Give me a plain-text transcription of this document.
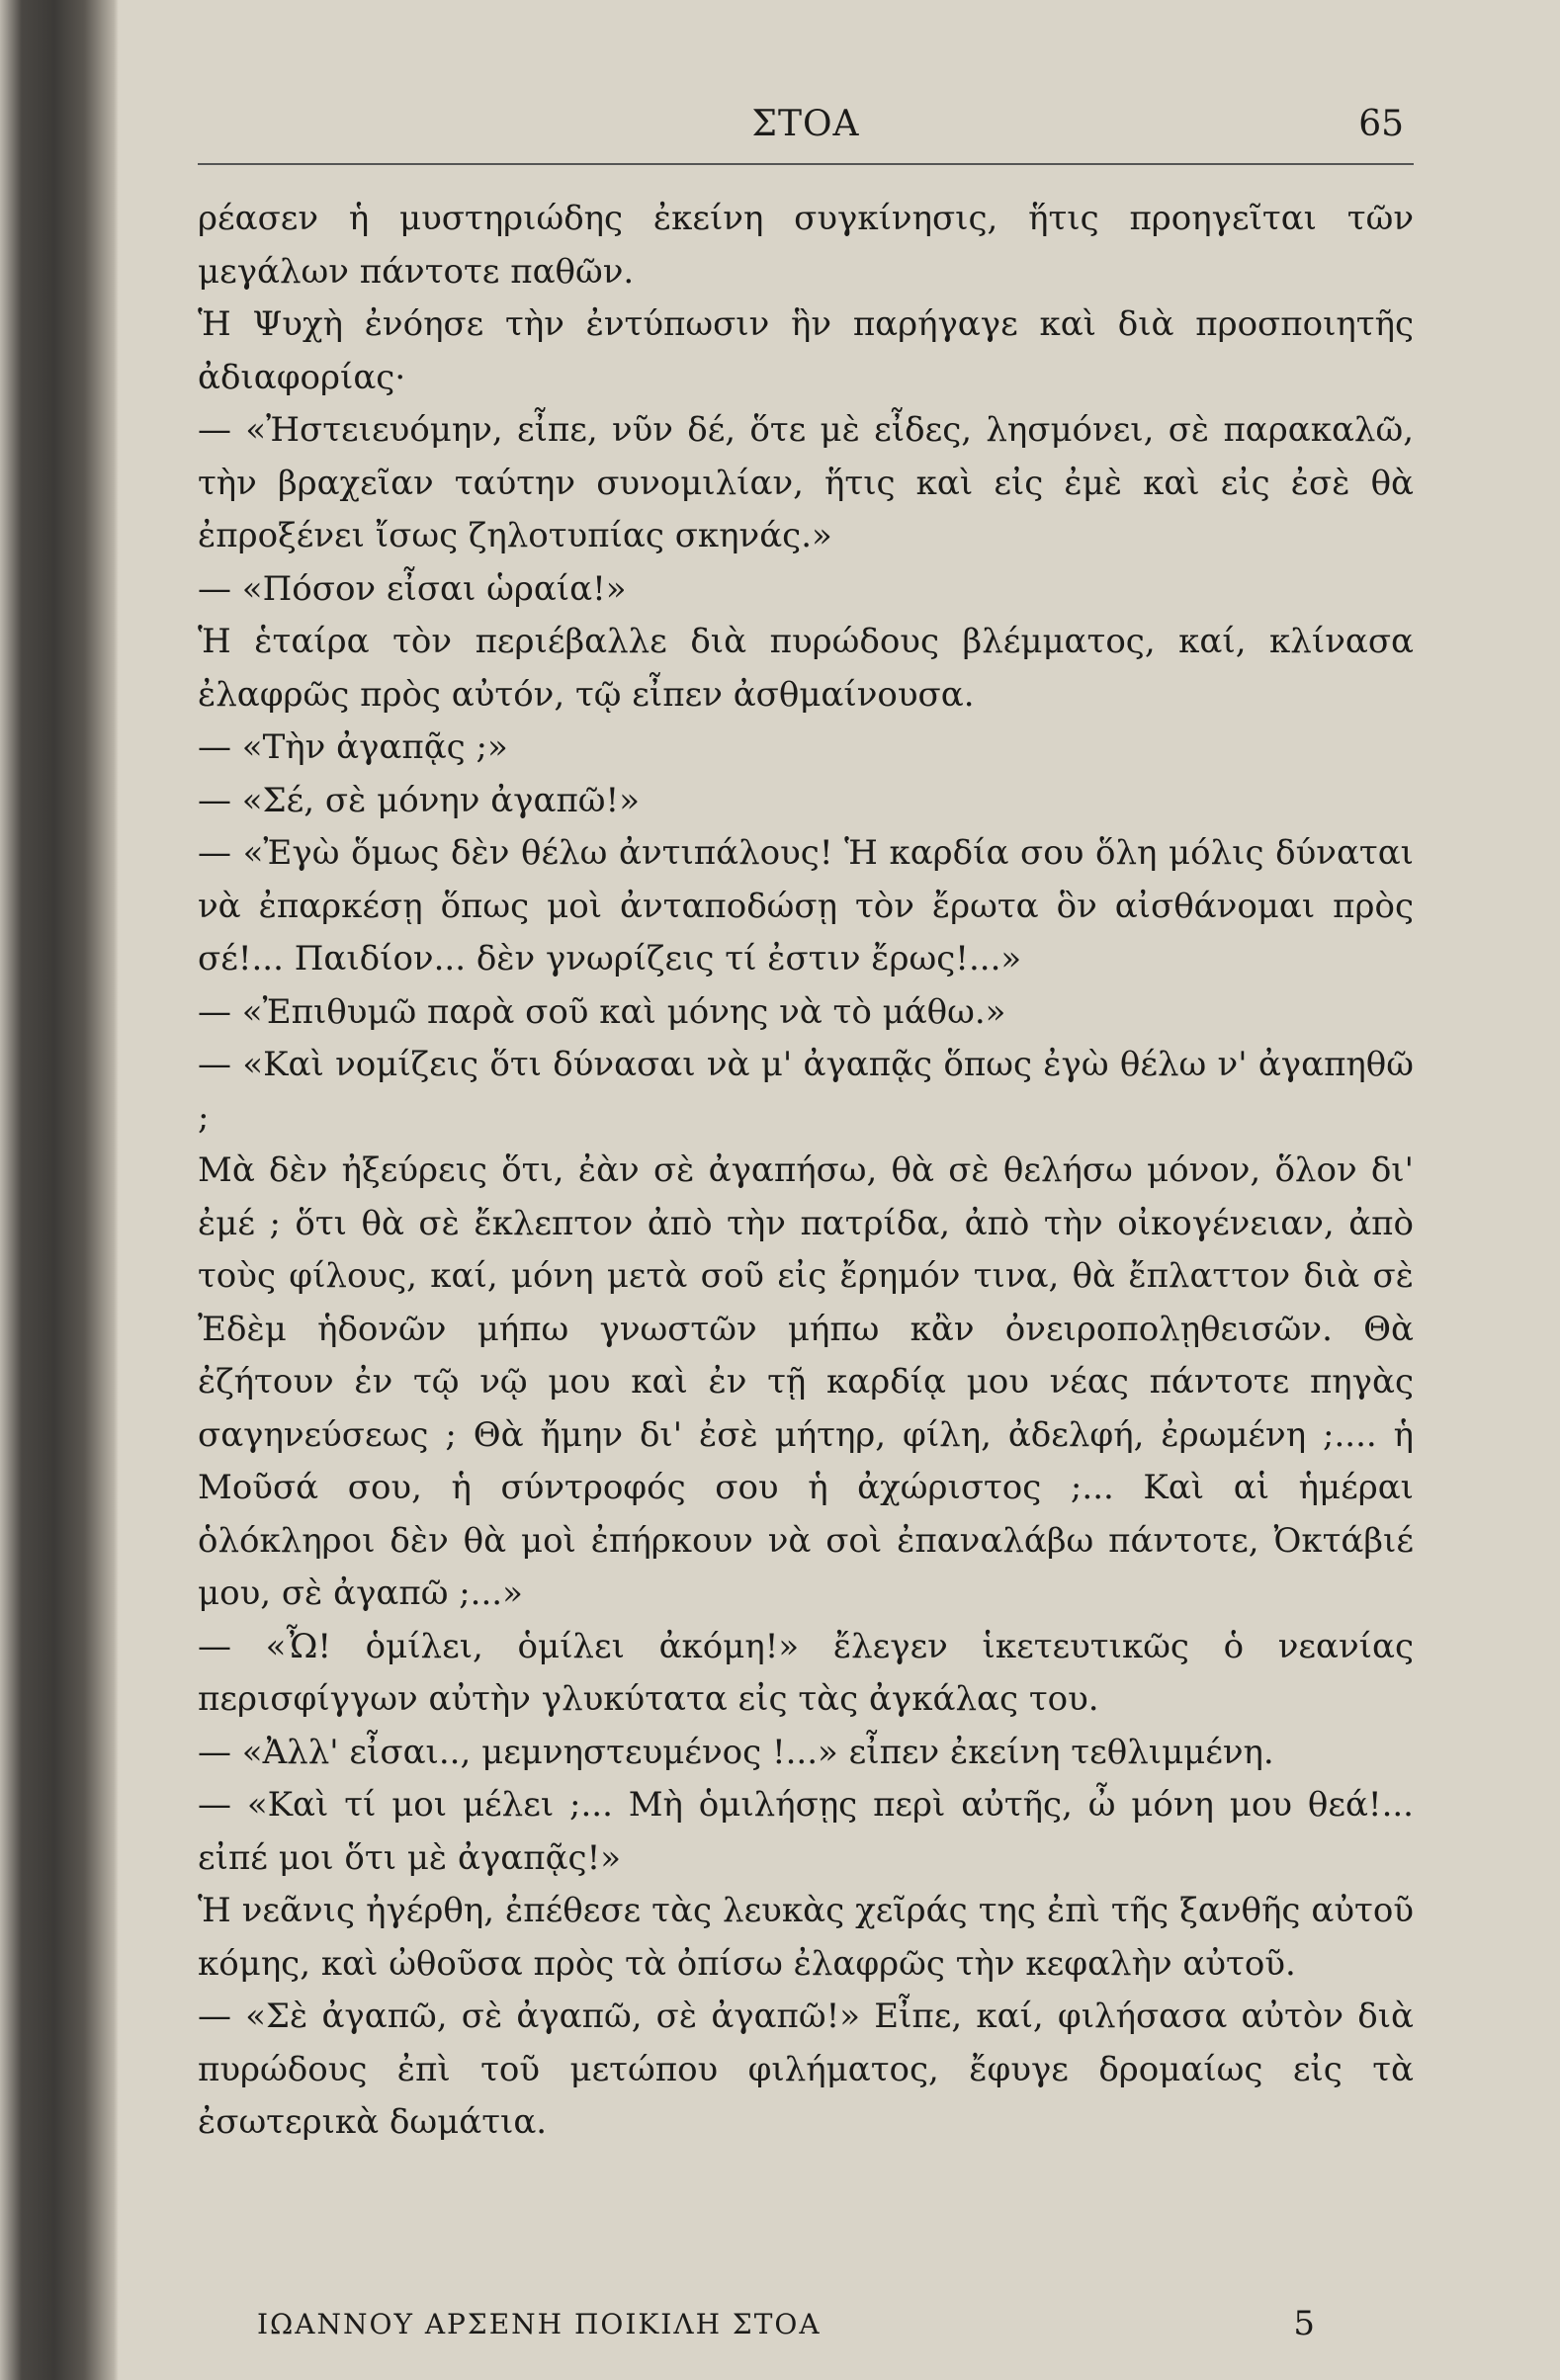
ΣΤΟΑ	65

ρέασεν ἡ μυστηριώδης ἐκείνη συγκίνησις, ἥτις προηγεῖται τῶν μεγάλων πάντοτε παθῶν.

Ἡ Ψυχὴ ἐνόησε τὴν ἐντύπωσιν ἣν παρήγαγε καὶ διὰ προσποιητῆς ἀδιαφορίας·

— «Ἠστειευόμην, εἶπε, νῦν δέ, ὅτε μὲ εἶδες, λησμόνει, σὲ παρακαλῶ, τὴν βραχεῖαν ταύτην συνομιλίαν, ἥτις καὶ εἰς ἐμὲ καὶ εἰς ἐσὲ θὰ ἐπροξένει ἴσως ζηλοτυπίας σκηνάς.»

— «Πόσον εἶσαι ὡραία!»

Ἡ ἑταίρα τὸν περιέβαλλε διὰ πυρώδους βλέμματος, καί, κλίνασα ἐλαφρῶς πρὸς αὐτόν, τῷ εἶπεν ἀσθμαίνουσα.

— «Τὴν ἀγαπᾷς ;»

— «Σέ, σὲ μόνην ἀγαπῶ!»

— «Ἐγὼ ὅμως δὲν θέλω ἀντιπάλους! Ἡ καρδία σου ὅλη μόλις δύναται νὰ ἐπαρκέσῃ ὅπως μοὶ ἀνταποδώσῃ τὸν ἔρωτα ὃν αἰσθάνομαι πρὸς σέ!... Παιδίον... δὲν γνωρίζεις τί ἐστιν ἔρως!...»

— «Ἐπιθυμῶ παρὰ σοῦ καὶ μόνης νὰ τὸ μάθω.»

— «Καὶ νομίζεις ὅτι δύνασαι νὰ μ' ἀγαπᾷς ὅπως ἐγὼ θέλω ν' ἀγαπηθῶ ;

Μὰ δὲν ἠξεύρεις ὅτι, ἐὰν σὲ ἀγαπήσω, θὰ σὲ θελήσω μόνον, ὅλον δι' ἐμέ ; ὅτι θὰ σὲ ἔκλεπτον ἀπὸ τὴν πατρίδα, ἀπὸ τὴν οἰκογένειαν, ἀπὸ τοὺς φίλους, καί, μόνη μετὰ σοῦ εἰς ἔρημόν τινα, θὰ ἔπλαττον διὰ σὲ Ἐδὲμ ἡδονῶν μήπω γνωστῶν μήπω κἂν ὀνειροπολῃθεισῶν. Θὰ ἐζήτουν ἐν τῷ νῷ μου καὶ ἐν τῇ καρδίᾳ μου νέας πάντοτε πηγὰς σαγηνεύσεως ; Θὰ ἤμην δι' ἐσὲ μήτηρ, φίλη, ἀδελφή, ἐρωμένη ;.... ἡ Μοῦσά σου, ἡ σύντροφός σου ἡ ἀχώριστος ;... Καὶ αἱ ἡμέραι ὁλόκληροι δὲν θὰ μοὶ ἐπήρκουν νὰ σοὶ ἐπαναλάβω πάντοτε, Ὀκτάβιέ μου, σὲ ἀγαπῶ ;...»

— «Ὦ! ὁμίλει, ὁμίλει ἀκόμη!» ἔλεγεν ἱκετευτικῶς ὁ νεανίας περισφίγγων αὐτὴν γλυκύτατα εἰς τὰς ἀγκάλας του.

— «Ἀλλ' εἶσαι.., μεμνηστευμένος !...» εἶπεν ἐκείνη τεθλιμμένη.

— «Καὶ τί μοι μέλει ;... Μὴ ὁμιλήσῃς περὶ αὐτῆς, ὦ μόνη μου θεά!... εἰπέ μοι ὅτι μὲ ἀγαπᾷς!»

Ἡ νεᾶνις ἠγέρθη, ἐπέθεσε τὰς λευκὰς χεῖράς της ἐπὶ τῆς ξανθῆς αὐτοῦ κόμης, καὶ ὠθοῦσα πρὸς τὰ ὀπίσω ἐλαφρῶς τὴν κεφαλὴν αὐτοῦ.

— «Σὲ ἀγαπῶ, σὲ ἀγαπῶ, σὲ ἀγαπῶ!» Εἶπε, καί, φιλήσασα αὐτὸν διὰ πυρώδους ἐπὶ τοῦ μετώπου φιλήματος, ἔφυγε δρομαίως εἰς τὰ ἐσωτερικὰ δωμάτια.

ΙΩΑΝΝΟΥ ΑΡΣΕΝΗ ΠΟΙΚΙΛΗ ΣΤΟΑ	5
